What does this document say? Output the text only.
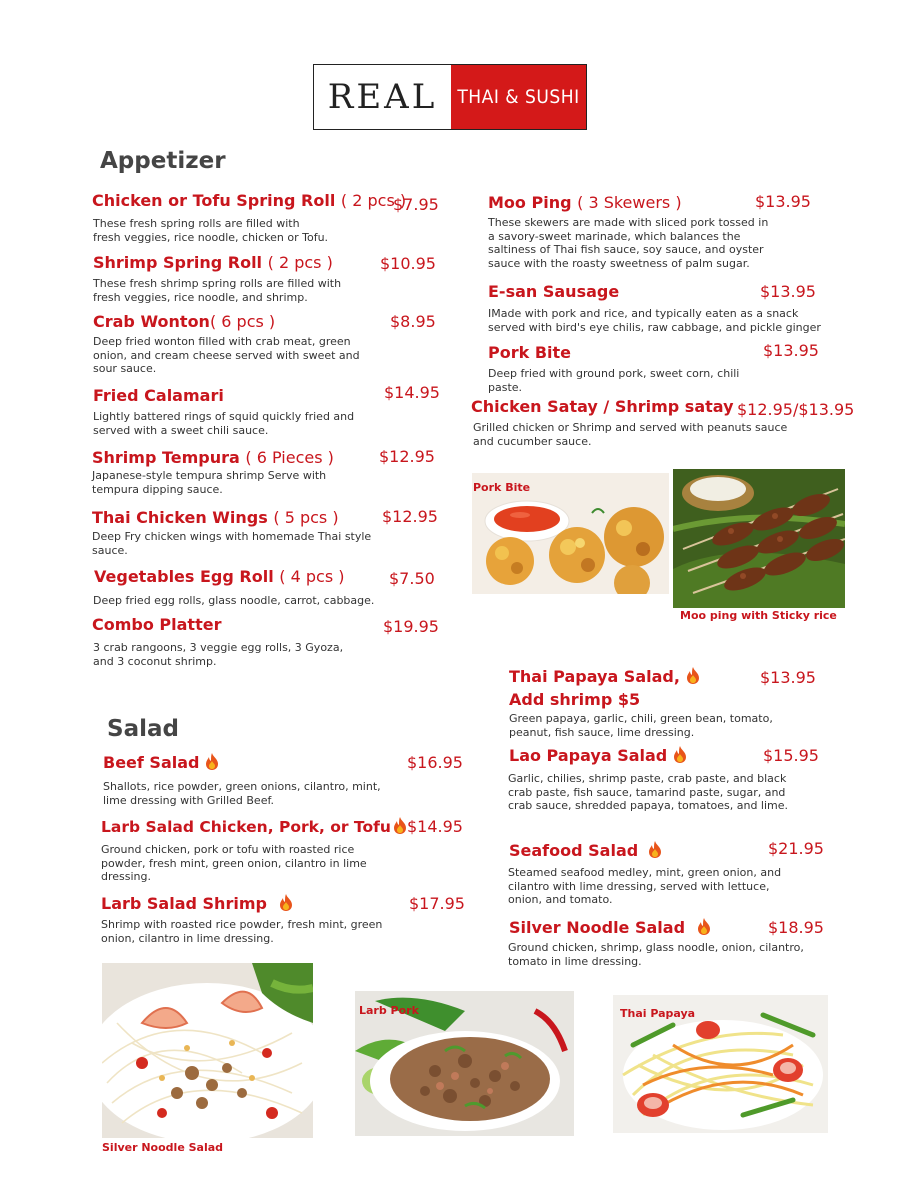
REAL	THAI & SUSHI
Appetizer
Salad
Chicken or Tofu Spring Roll ( 2 pcs )
$7.95
These fresh spring rolls are filled with
fresh veggies, rice noodle, chicken or Tofu.
Shrimp Spring Roll ( 2 pcs )	$10.95
These fresh shrimp spring rolls are filled with
fresh veggies, rice noodle, and shrimp.
Crab Wonton( 6 pcs )	$8.95
Deep fried wonton filled with crab meat, green
onion, and cream cheese served with sweet and
sour sauce.
Fried Calamari	$14.95
Lightly battered rings of squid quickly fried and
served with a sweet chili sauce.
Shrimp Tempura ( 6 Pieces )	$12.95
Japanese-style tempura shrimp Serve with
tempura dipping sauce.
Thai Chicken Wings ( 5 pcs )	$12.95
Deep Fry chicken wings with homemade Thai style
sauce.
Vegetables Egg Roll ( 4 pcs )	$7.50
Deep fried egg rolls, glass noodle, carrot, cabbage.
Combo Platter	$19.95
3 crab rangoons, 3 veggie egg rolls, 3 Gyoza,
and 3 coconut shrimp.
Moo Ping ( 3 Skewers )	$13.95
These skewers are made with sliced pork tossed in
a savory-sweet marinade, which balances the
saltiness of Thai fish sauce, soy sauce, and oyster
sauce with the roasty sweetness of palm sugar.
E-san Sausage	$13.95
IMade with pork and rice, and typically eaten as a snack
served with bird's eye chilis, raw cabbage, and pickle ginger
Pork Bite	$13.95
Deep fried with ground pork, sweet corn, chili
paste.
Chicken Satay / Shrimp satay $12.95/$13.95
Grilled chicken or Shrimp and served with peanuts sauce
and cucumber sauce.
Pork Bite
Moo ping with Sticky rice
Beef Salad	$16.95
Shallots, rice powder, green onions, cilantro, mint,
lime dressing with Grilled Beef.
Larb Salad Chicken, Pork, or Tofu	$14.95
Ground chicken, pork or tofu with roasted rice
powder, fresh mint, green onion, cilantro in lime
dressing.
Larb Salad Shrimp	$17.95
Shrimp with roasted rice powder, fresh mint, green
onion, cilantro in lime dressing.
Thai Papaya Salad,
Add shrimp $5
$13.95
Green papaya, garlic, chili, green bean, tomato,
peanut, fish sauce, lime dressing.
Lao Papaya Salad	$15.95
Garlic, chilies, shrimp paste, crab paste, and black
crab paste, fish sauce, tamarind paste, sugar, and
crab sauce, shredded papaya, tomatoes, and lime.
Seafood Salad	$21.95
Steamed seafood medley, mint, green onion, and
cilantro with lime dressing, served with lettuce,
onion, and tomato.
Silver Noodle Salad	$18.95
Ground chicken, shrimp, glass noodle, onion, cilantro,
tomato in lime dressing.
Silver Noodle Salad
Larb Pork	Thai Papaya
